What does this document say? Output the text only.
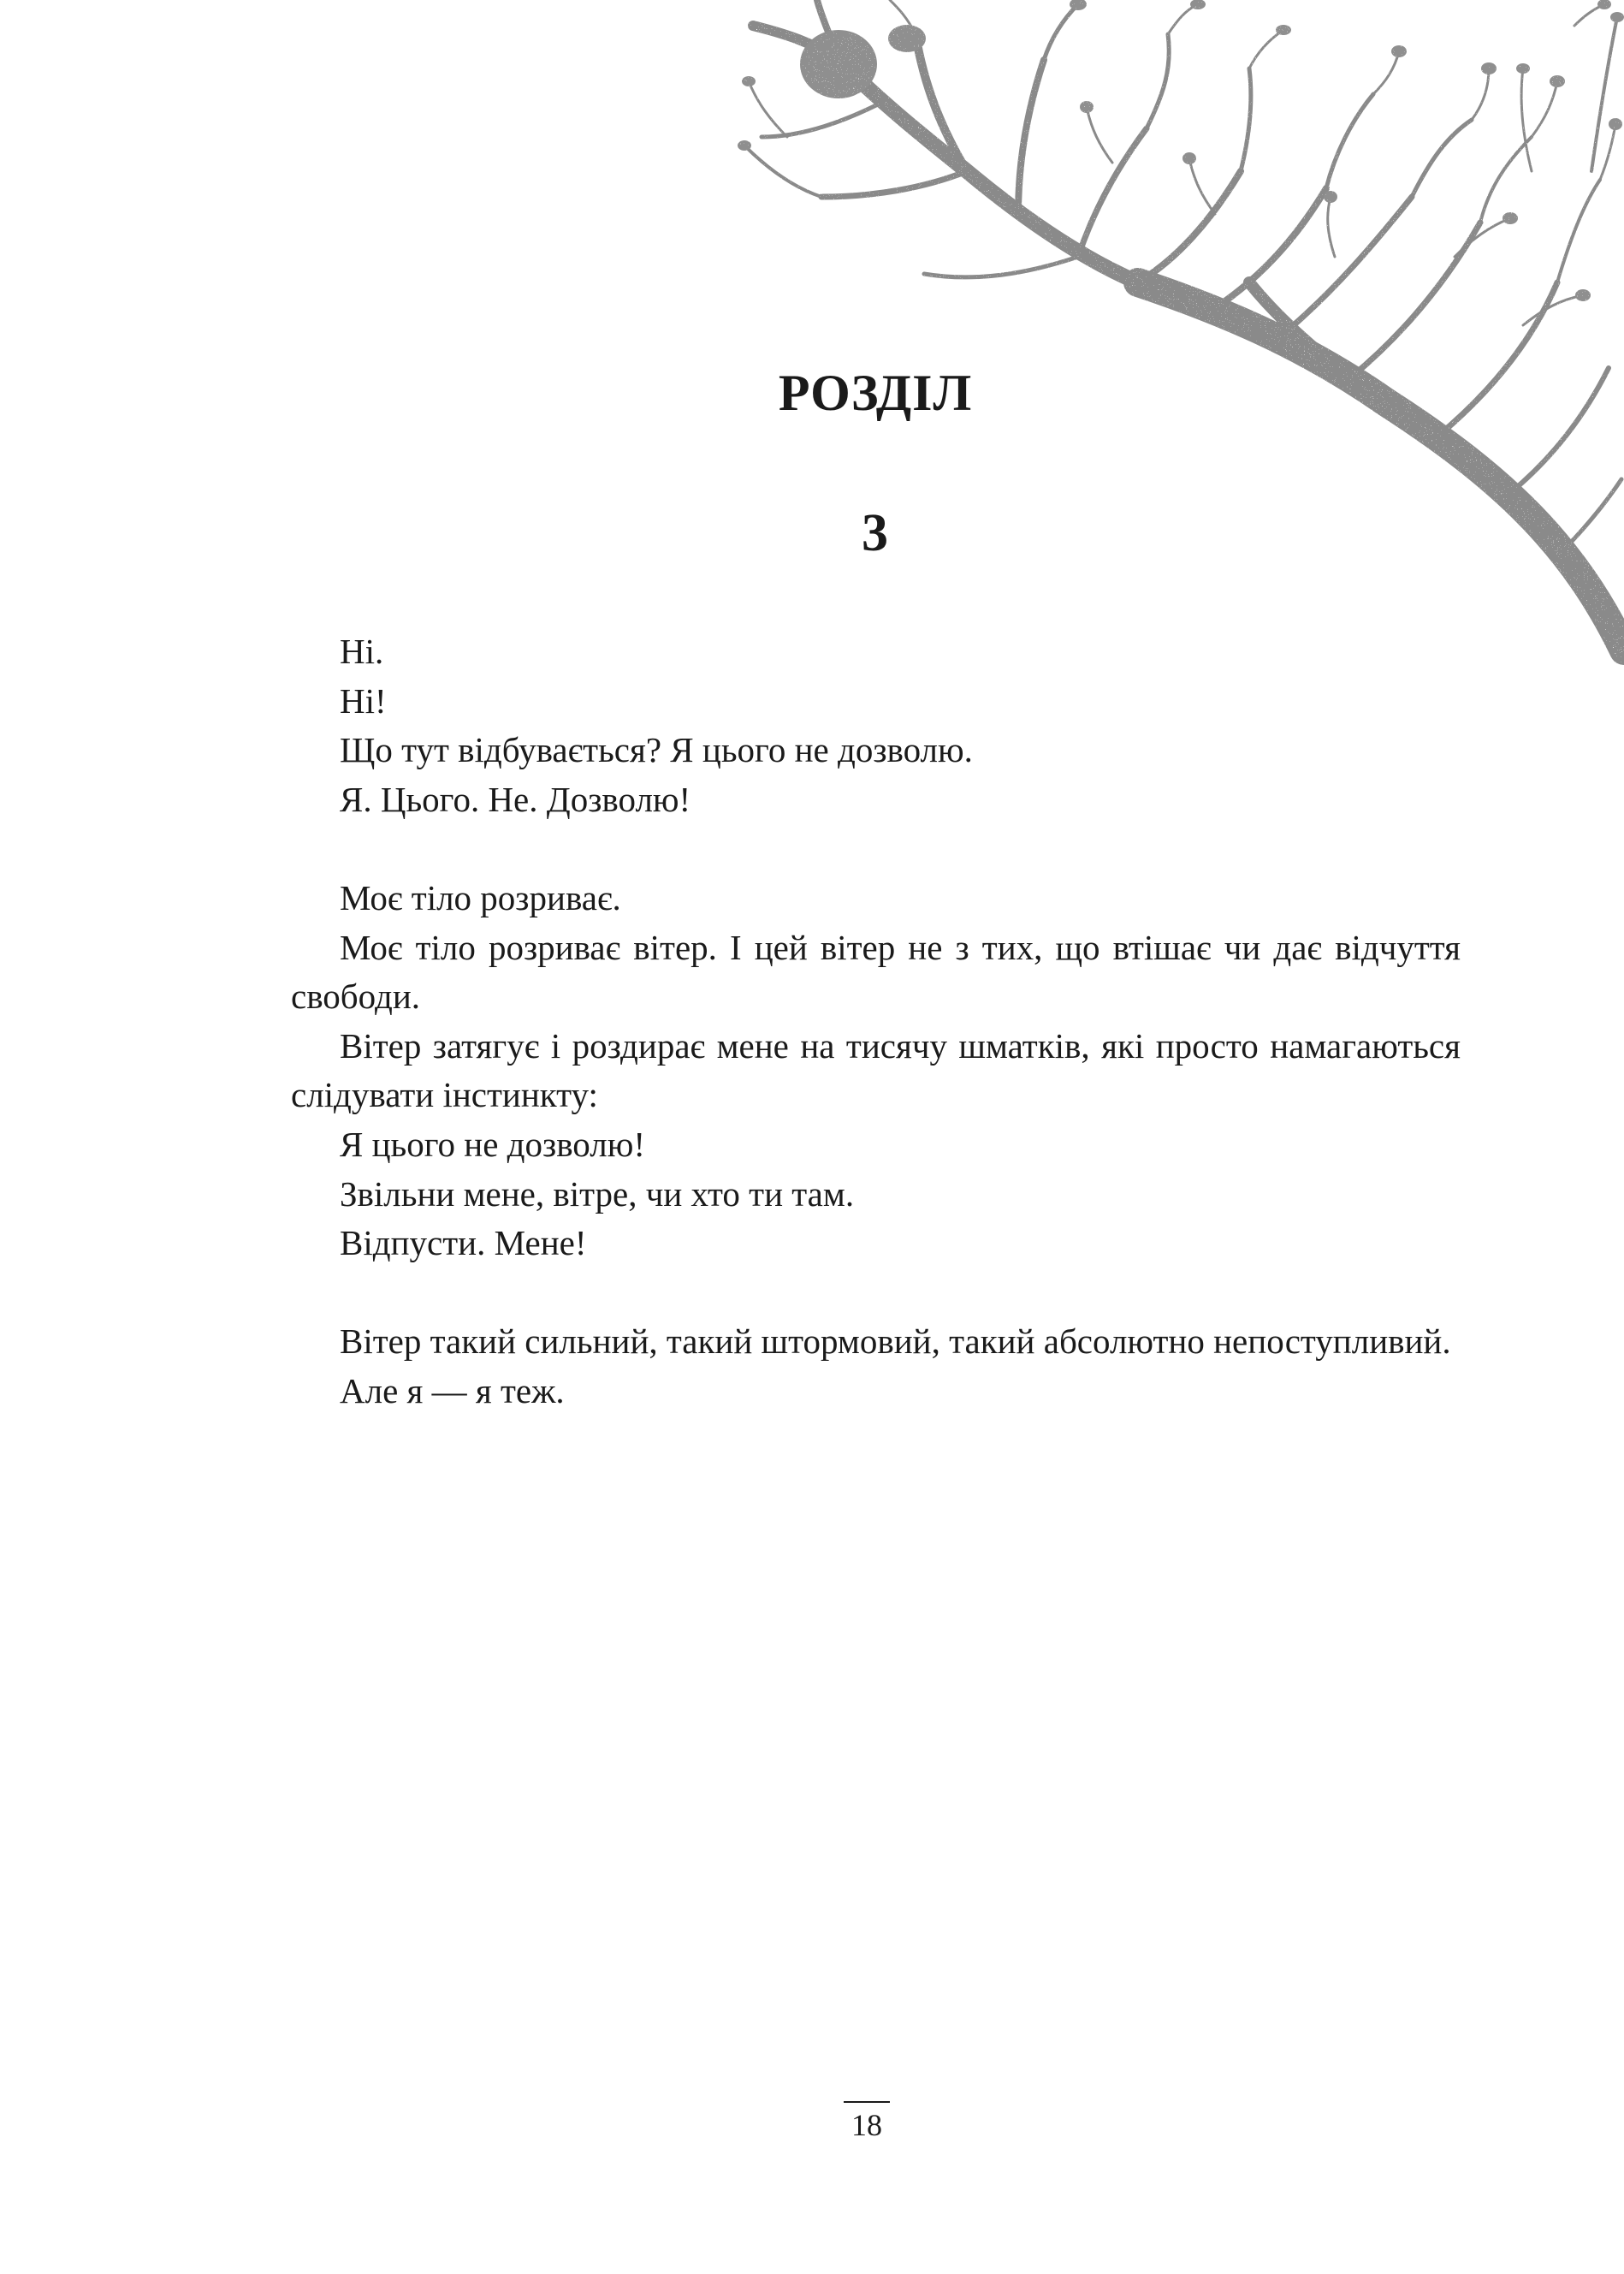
РОЗДІЛ
3

Ні.

Ні!

Що тут відбувається? Я цього не дозволю.

Я. Цього. Не. Дозволю!

Моє тіло розриває.

Моє тіло розриває вітер. І цей вітер не з тих, що втішає чи дає відчуття свободи.

Вітер затягує і роздирає мене на тисячу шматків, які просто намагаються слідувати інстинкту:

Я цього не дозволю!

Звільни мене, вітре, чи хто ти там.

Відпусти. Мене!

Вітер такий сильний, такий штормовий, такий абсолютно непоступливий.

Але я — я теж.

18
